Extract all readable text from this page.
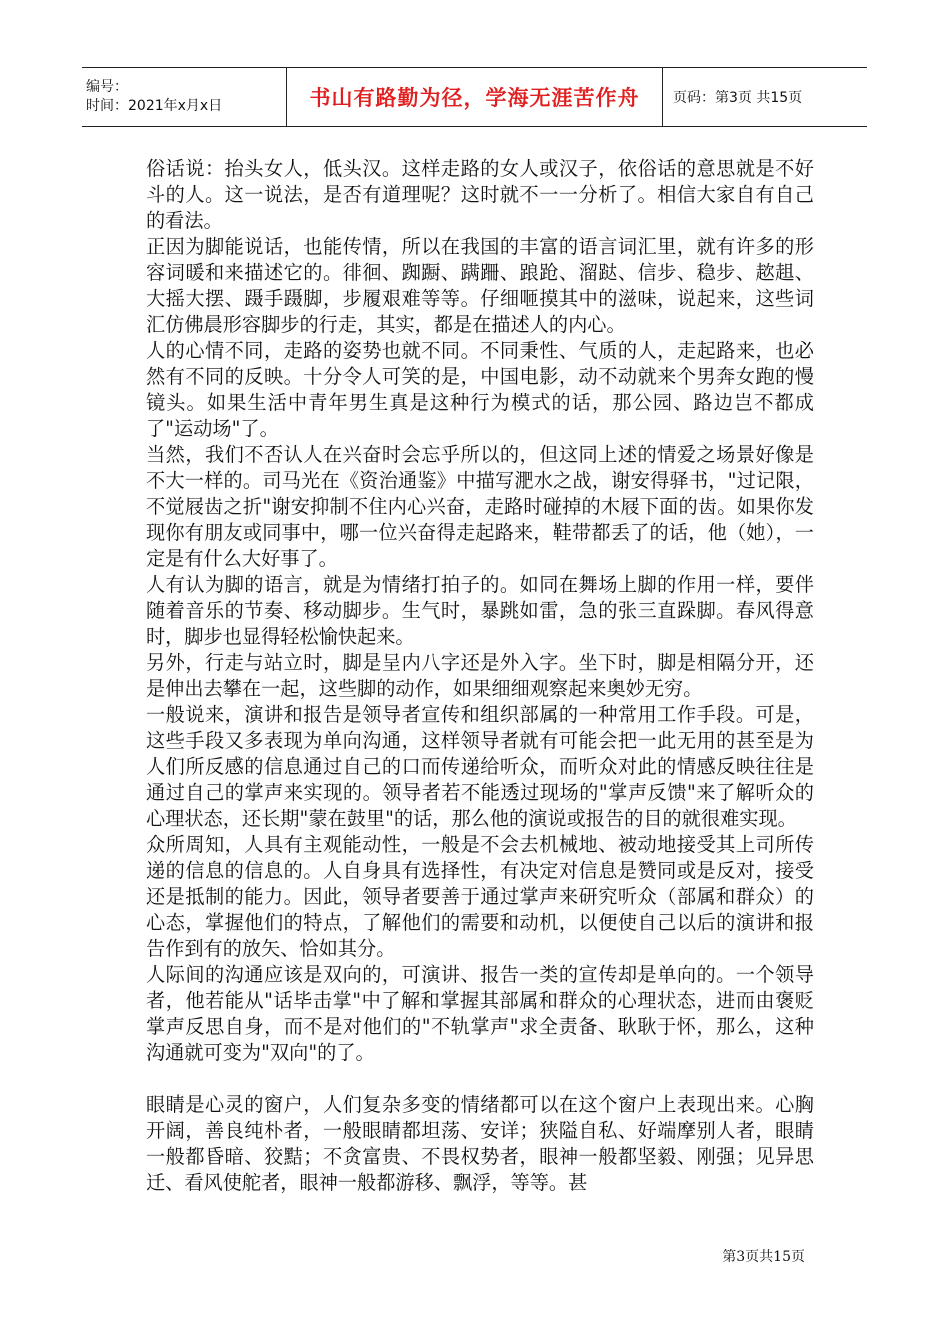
编号：
时间：2021年x月x日	书山有路勤为径，学海无涯苦作舟	页码：第3页 共15页

俗话说：抬头女人，低头汉。这样走路的女人或汉子，依俗话的意思就是不好斗的人。这一说法，是否有道理呢？这时就不一一分析了。相信大家自有自己的看法。

正因为脚能说话，也能传情，所以在我国的丰富的语言词汇里，就有许多的形容词暖和来描述它的。徘徊、踟蹰、蹒跚、踉跄、溜跶、信步、稳步、趑趄、大摇大摆、蹑手蹑脚，步履艰难等等。仔细咂摸其中的滋味，说起来，这些词汇仿佛晨形容脚步的行走，其实，都是在描述人的内心。

人的心情不同，走路的姿势也就不同。不同秉性、气质的人，走起路来，也必然有不同的反映。十分令人可笑的是，中国电影，动不动就来个男奔女跑的慢镜头。如果生活中青年男生真是这种行为模式的话，那公园、路边岂不都成了"运动场"了。

当然，我们不否认人在兴奋时会忘乎所以的，但这同上述的情爱之场景好像是不大一样的。司马光在《资治通鉴》中描写淝水之战，谢安得驿书，"过记限，不觉屐齿之折"谢安抑制不住内心兴奋，走路时碰掉的木屐下面的齿。如果你发现你有朋友或同事中，哪一位兴奋得走起路来，鞋带都丢了的话，他（她），一定是有什么大好事了。

人有认为脚的语言，就是为情绪打拍子的。如同在舞场上脚的作用一样，要伴随着音乐的节奏、移动脚步。生气时，暴跳如雷，急的张三直跺脚。春风得意时，脚步也显得轻松愉快起来。

另外，行走与站立时，脚是呈内八字还是外入字。坐下时，脚是相隔分开，还是伸出去攀在一起，这些脚的动作，如果细细观察起来奥妙无穷。

一般说来，演讲和报告是领导者宣传和组织部属的一种常用工作手段。可是，这些手段又多表现为单向沟通，这样领导者就有可能会把一此无用的甚至是为人们所反感的信息通过自己的口而传递给听众，而听众对此的情感反映往往是通过自己的掌声来实现的。领导者若不能透过现场的"掌声反馈"来了解听众的心理状态，还长期"蒙在鼓里"的话，那么他的演说或报告的目的就很难实现。

众所周知，人具有主观能动性，一般是不会去机械地、被动地接受其上司所传递的信息的信息的。人自身具有选择性，有决定对信息是赞同或是反对，接受还是抵制的能力。因此，领导者要善于通过掌声来研究听众（部属和群众）的心态，掌握他们的特点，了解他们的需要和动机，以便使自己以后的演讲和报告作到有的放矢、恰如其分。

人际间的沟通应该是双向的，可演讲、报告一类的宣传却是单向的。一个领导者，他若能从"话毕击掌"中了解和掌握其部属和群众的心理状态，进而由褒贬掌声反思自身，而不是对他们的"不轨掌声"求全责备、耿耿于怀，那么，这种沟通就可变为"双向"的了。

眼睛是心灵的窗户，人们复杂多变的情绪都可以在这个窗户上表现出来。心胸开阔，善良纯朴者，一般眼睛都坦荡、安详；狭隘自私、好端摩别人者，眼睛一般都昏暗、狡黠；不贪富贵、不畏权势者，眼神一般都坚毅、刚强；见异思迁、看风使舵者，眼神一般都游移、飘浮，等等。甚

第3页共15页
